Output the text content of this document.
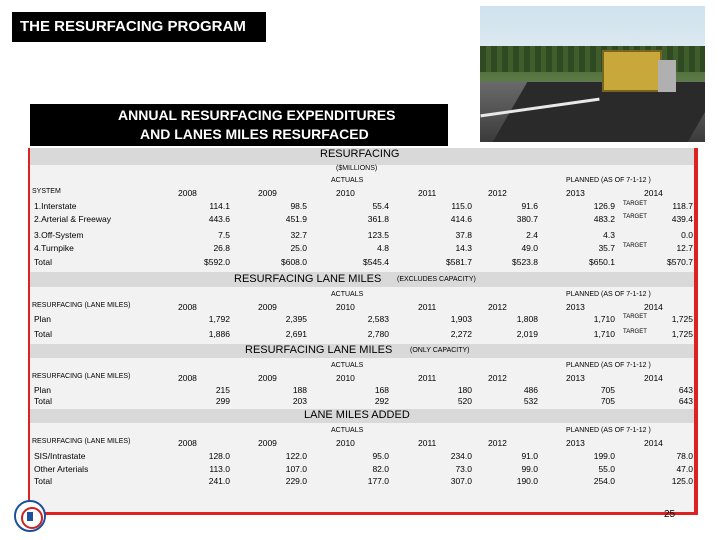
THE RESURFACING PROGRAM
ANNUAL RESURFACING EXPENDITURES
AND LANES MILES RESURFACED
RESURFACING
($MILLIONS)
ACTUALS	PLANNED (AS OF 7-1-12 )
SYSTEM	2008	2009	2010	2011	2012	2013	2014
1.Interstate	114.1	98.5	55.4	115.0	91.6	126.9	118.7
TARGET
2.Arterial & Freeway	443.6	451.9	361.8	414.6	380.7	483.2	439.4
TARGET
3.Off-System	7.5	32.7	123.5	37.8	2.4	4.3	0.0
4.Turnpike	26.8	25.0	4.8	14.3	49.0	35.7	12.7
TARGET
Total	$592.0	$608.0	$545.4	$581.7	$523.8	$650.1	$570.7
RESURFACING LANE MILES (EXCLUDES CAPACITY)
ACTUALS	PLANNED (AS OF 7-1-12 )
RESURFACING (LANE MILES)	2008	2009	2010	2011	2012	2013	2014
Plan	1,792	2,395	2,583	1,903	1,808	1,710	1,725
TARGET
Total	1,886	2,691	2,780	2,272	2,019	1,710	1,725
TARGET
RESURFACING LANE MILES	(ONLY CAPACITY)
ACTUALS	PLANNED (AS OF 7-1-12 )
RESURFACING (LANE MILES)	2008	2009	2010	2011	2012	2013	2014
Plan	215	188	168	180	486	705	643
Total	299	203	292	520	532	705	643
LANE MILES ADDED
ACTUALS	PLANNED (AS OF 7-1-12 )
RESURFACING (LANE MILES)	2008	2009	2010	2011	2012	2013	2014
SIS/Intrastate	128.0	122.0	95.0	234.0	91.0	199.0	78.0
Other Arterials	113.0	107.0	82.0	73.0	99.0	55.0	47.0
Total	241.0	229.0	177.0	307.0	190.0	254.0	125.0
25
